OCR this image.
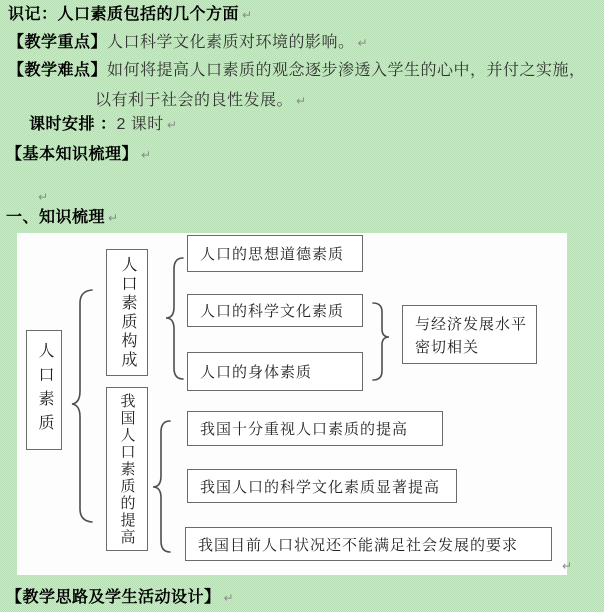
识记：人口素质包括的几个方面 ↵
【教学重点】人口科学文化素质对环境的影响。 ↵
【教学难点】如何将提高人口素质的观念逐步渗透入学生的心中，并付之实施，
以有利于社会的良性发展。 ↵
课时安排 ：2 课时 ↵
【基本知识梳理】 ↵
↵
一、知识梳理 ↵
人口素质
人口素质构成
我国人口素质的提高
人口的思想道德素质
人口的科学文化素质
人口的身体素质
与经济发展水平
密切相关
我国十分重视人口素质的提高
我国人口的科学文化素质显著提高
我国目前人口状况还不能满足社会发展的要求
↵
【教学思路及学生活动设计】 ↵
